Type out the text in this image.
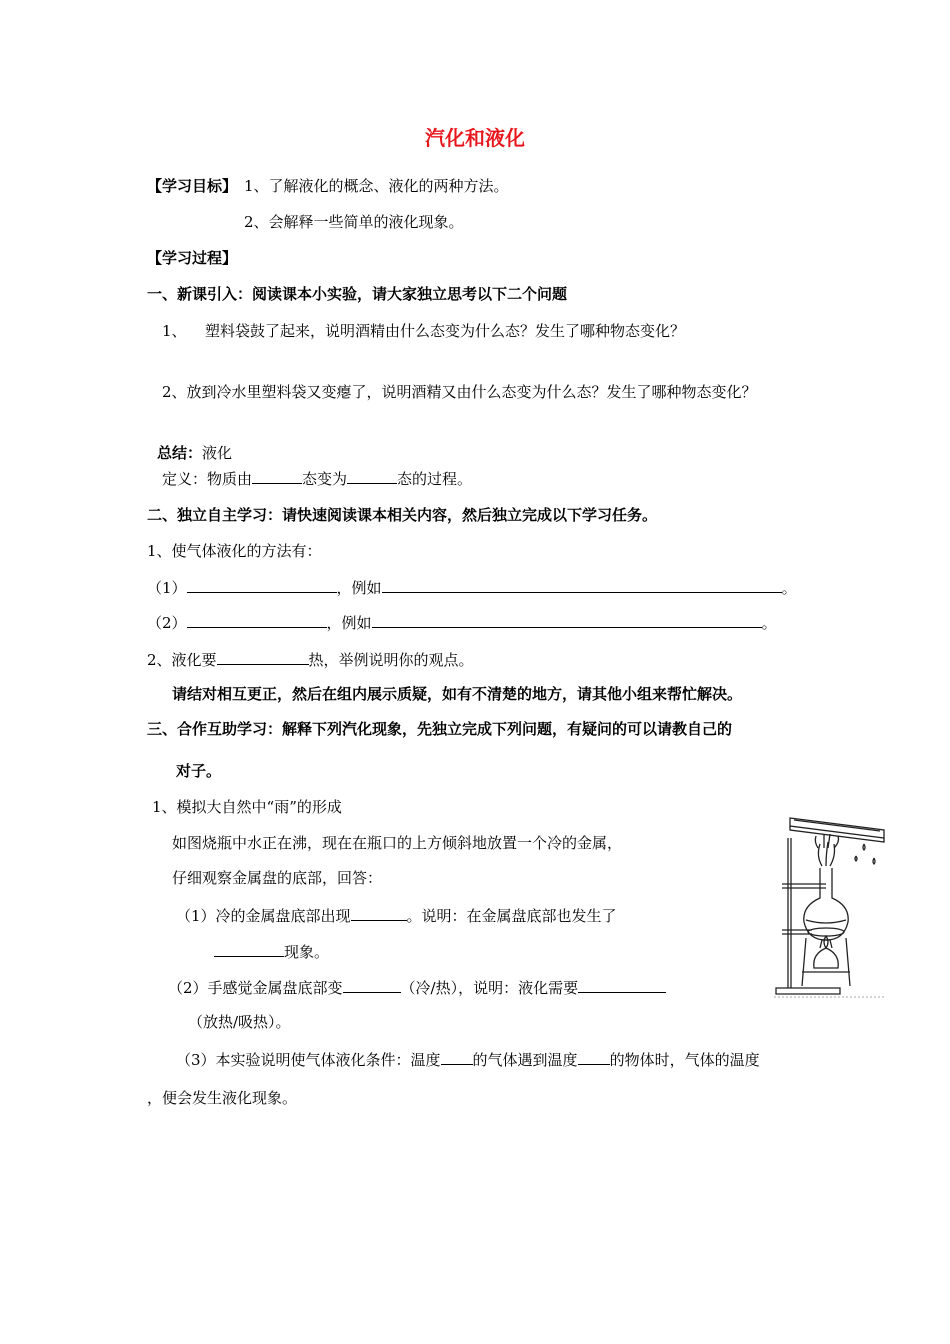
汽化和液化
【学习目标】 1、了解液化的概念、液化的两种方法。
2、会解释一些简单的液化现象。
【学习过程】
一、新课引入：阅读课本小实验，请大家独立思考以下二个问题
1、 塑料袋鼓了起来，说明酒精由什么态变为什么态？发生了哪种物态变化？
2、放到冷水里塑料袋又变瘪了，说明酒精又由什么态变为什么态？发生了哪种物态变化？
总结：液化
定义：物质由	态变为	态的过程。
二、独立自主学习：请快速阅读课本相关内容，然后独立完成以下学习任务。
1、使气体液化的方法有：
（1）	，例如	。
（2）	，例如	。
2、液化要	热，举例说明你的观点。
请结对相互更正，然后在组内展示质疑，如有不清楚的地方，请其他小组来帮忙解决。
三、合作互助学习：解释下列汽化现象，先独立完成下列问题，有疑问的可以请教自己的
对子。
1、模拟大自然中“雨”的形成
如图烧瓶中水正在沸，现在在瓶口的上方倾斜地放置一个冷的金属，
仔细观察金属盘的底部，回答：
（1）冷的金属盘底部出现	。说明：在金属盘底部也发生了
现象。
（2）手感觉金属盘底部变	（冷/热），说明：液化需要
（放热/吸热）。
（3）本实验说明使气体液化条件：温度 的气体遇到温度 的物体时，气体的温度
，便会发生液化现象。
